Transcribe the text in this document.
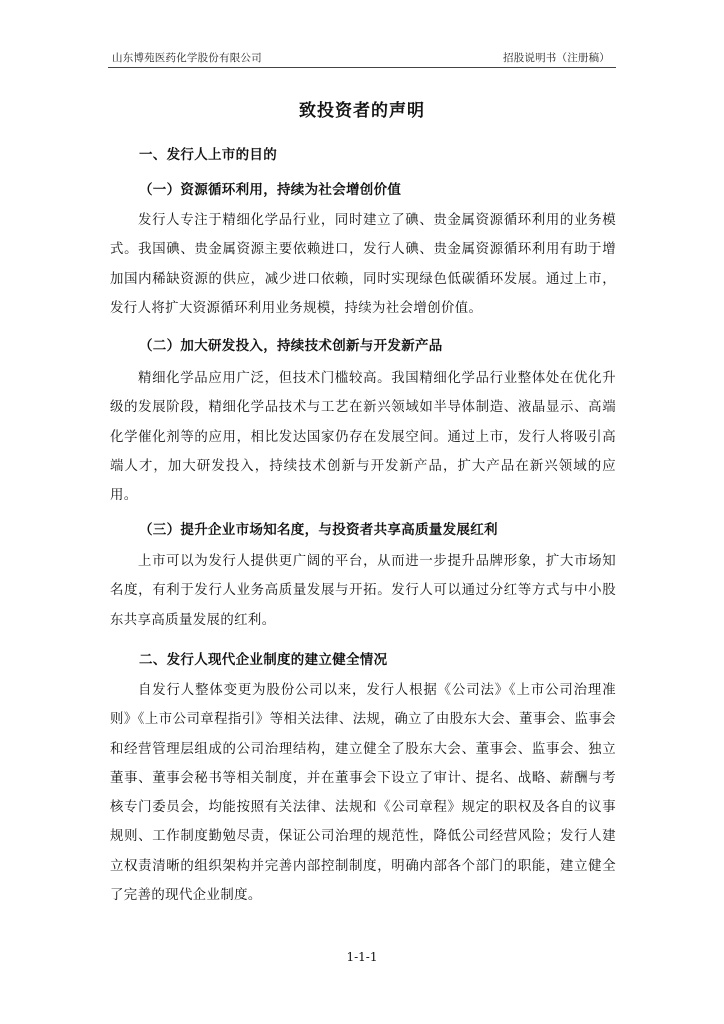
山东博苑医药化学股份有限公司	招股说明书（注册稿）
致投资者的声明
一、发行人上市的目的
（一）资源循环利用，持续为社会增创价值
发行人专注于精细化学品行业，同时建立了碘、贵金属资源循环利用的业务模式。我国碘、贵金属资源主要依赖进口，发行人碘、贵金属资源循环利用有助于增加国内稀缺资源的供应，减少进口依赖，同时实现绿色低碳循环发展。通过上市，发行人将扩大资源循环利用业务规模，持续为社会增创价值。
（二）加大研发投入，持续技术创新与开发新产品
精细化学品应用广泛，但技术门槛较高。我国精细化学品行业整体处在优化升级的发展阶段，精细化学品技术与工艺在新兴领域如半导体制造、液晶显示、高端化学催化剂等的应用，相比发达国家仍存在发展空间。通过上市，发行人将吸引高端人才，加大研发投入，持续技术创新与开发新产品，扩大产品在新兴领域的应用。
（三）提升企业市场知名度，与投资者共享高质量发展红利
上市可以为发行人提供更广阔的平台，从而进一步提升品牌形象，扩大市场知名度，有利于发行人业务高质量发展与开拓。发行人可以通过分红等方式与中小股东共享高质量发展的红利。
二、发行人现代企业制度的建立健全情况
自发行人整体变更为股份公司以来，发行人根据《公司法》《上市公司治理准则》《上市公司章程指引》等相关法律、法规，确立了由股东大会、董事会、监事会和经营管理层组成的公司治理结构，建立健全了股东大会、董事会、监事会、独立董事、董事会秘书等相关制度，并在董事会下设立了审计、提名、战略、薪酬与考核专门委员会，均能按照有关法律、法规和《公司章程》规定的职权及各自的议事规则、工作制度勤勉尽责，保证公司治理的规范性，降低公司经营风险；发行人建立权责清晰的组织架构并完善内部控制制度，明确内部各个部门的职能，建立健全了完善的现代企业制度。
1-1-1
